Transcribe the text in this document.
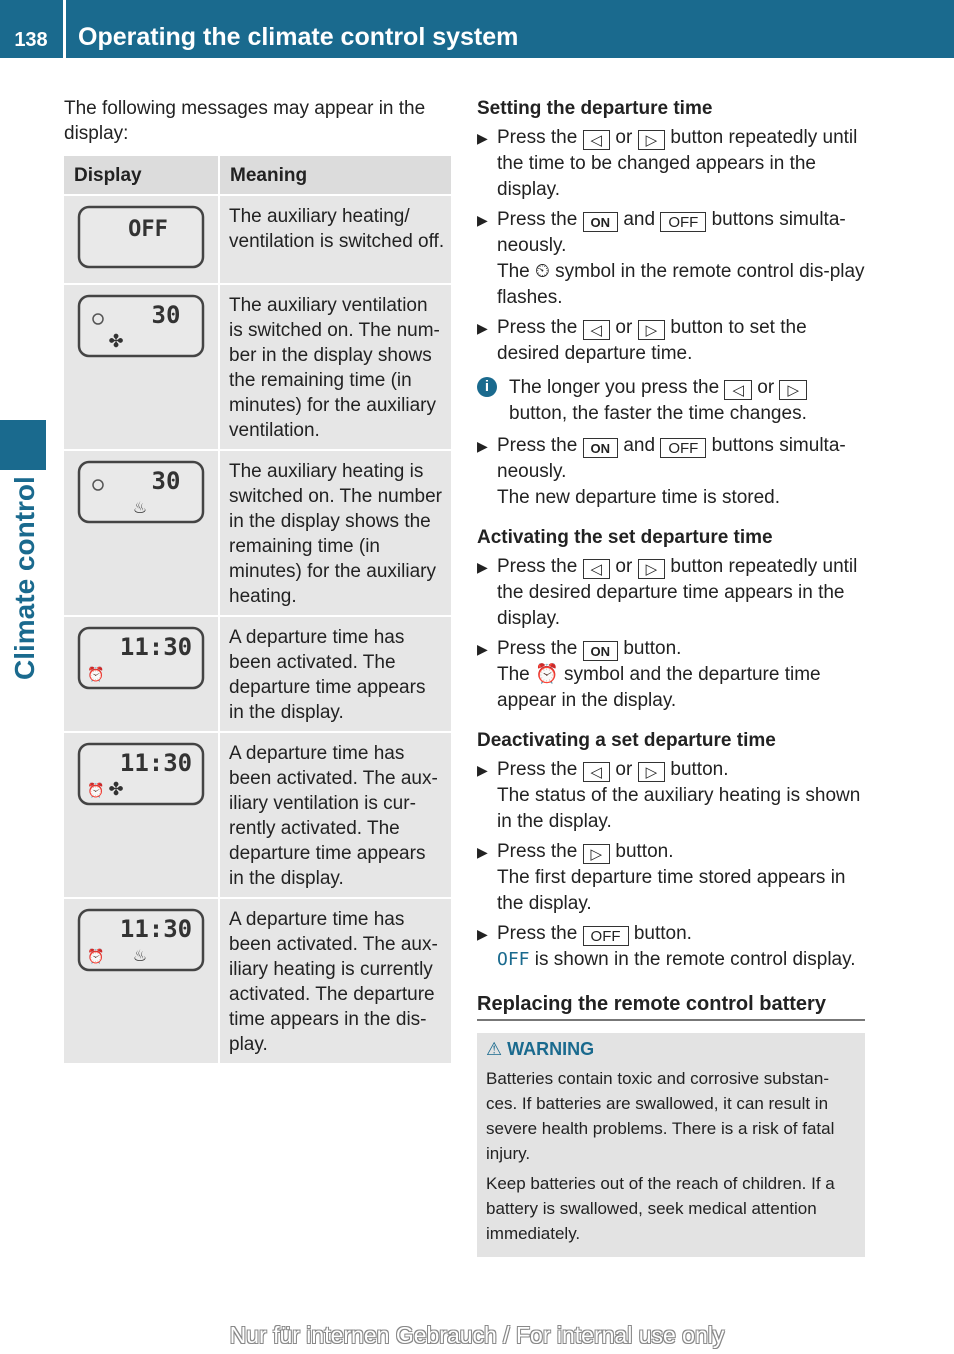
138	Operating the climate control system
Climate control

The following messages may appear in the display:

Display	Meaning

OFF	The auxiliary heating/ ventilation is switched off.

30
✤	The auxiliary ventilation is switched on. The num-ber in the display shows the remaining time (in minutes) for the auxiliary ventilation.

30
♨	The auxiliary heating is switched on. The number in the display shows the remaining time (in minutes) for the auxiliary heating.

11:30
⏰	A departure time has been activated. The departure time appears in the display.

11:30
⏰ ✤	A departure time has been activated. The aux-iliary ventilation is cur-rently activated. The departure time appears in the display.

11:30
⏰ ♨	A departure time has been activated. The aux-iliary heating is currently activated. The departure time appears in the dis-play.
Setting the departure time
▶ Press the ◁ or ▷ button repeatedly until the time to be changed appears in the display.
▶ Press the ON and OFF buttons simulta-neously.
The ⏲ symbol in the remote control dis-play flashes.
▶ Press the ◁ or ▷ button to set the desired departure time.
i	The longer you press the ◁ or ▷ button, the faster the time changes.
▶ Press the ON and OFF buttons simulta-neously.
The new departure time is stored.
Activating the set departure time
▶ Press the ◁ or ▷ button repeatedly until the desired departure time appears in the display.
▶ Press the ON button.
The ⏰ symbol and the departure time appear in the display.
Deactivating a set departure time
▶ Press the ◁ or ▷ button.
The status of the auxiliary heating is shown in the display.
▶ Press the ▷ button.
The first departure time stored appears in the display.
▶ Press the OFF button.
OFF is shown in the remote control display.
Replacing the remote control battery
⚠ WARNING

Batteries contain toxic and corrosive substan-ces. If batteries are swallowed, it can result in severe health problems. There is a risk of fatal injury.

Keep batteries out of the reach of children. If a battery is swallowed, seek medical attention immediately.

Nur für internen Gebrauch / For internal use only
